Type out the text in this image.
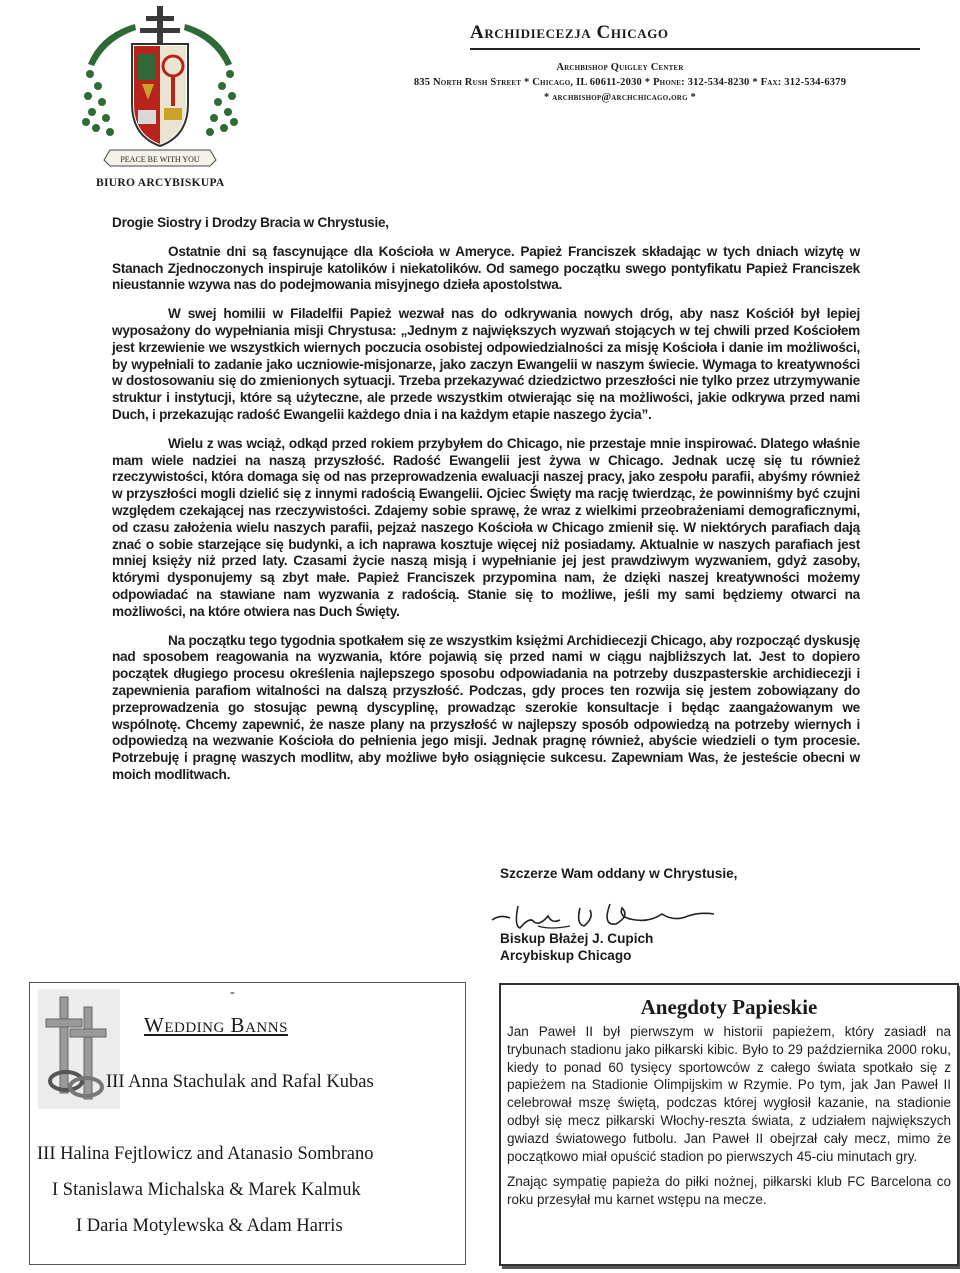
PEACE BE WITH YOU
BIURO ARCYBISKUPA
Archidiecezja Chicago
Archbishop Quigley Center
835 North Rush Street * Chicago, IL 60611-2030 * Phone: 312-534-8230 * Fax: 312-534-6379
* archbishop@archchicago.org *

Drogie Siostry i Drodzy Bracia w Chrystusie,

Ostatnie dni są fascynujące dla Kościoła w Ameryce. Papież Franciszek składając w tych dniach wizytę w Stanach Zjednoczonych inspiruje katolików i niekatolików. Od samego początku swego pontyfikatu Papież Franciszek nieustannie wzywa nas do podejmowania misyjnego dzieła apostolstwa.

W swej homilii w Filadelfii Papież wezwał nas do odkrywania nowych dróg, aby nasz Kościół był lepiej wyposażony do wypełniania misji Chrystusa: „Jednym z największych wyzwań stojących w tej chwili przed Kościołem jest krzewienie we wszystkich wiernych poczucia osobistej odpowiedzialności za misję Kościoła i danie im możliwości, by wypełniali to zadanie jako uczniowie-misjonarze, jako zaczyn Ewangelii w naszym świecie. Wymaga to kreatywności w dostosowaniu się do zmienionych sytuacji. Trzeba przekazywać dziedzictwo przeszłości nie tylko przez utrzymywanie struktur i instytucji, które są użyteczne, ale przede wszystkim otwierając się na możliwości, jakie odkrywa przed nami Duch, i przekazując radość Ewangelii każdego dnia i na każdym etapie naszego życia”.

Wielu z was wciąż, odkąd przed rokiem przybyłem do Chicago, nie przestaje mnie inspirować. Dlatego właśnie mam wiele nadziei na naszą przyszłość. Radość Ewangelii jest żywa w Chicago. Jednak uczę się tu również rzeczywistości, która domaga się od nas przeprowadzenia ewaluacji naszej pracy, jako zespołu parafii, abyśmy również w przyszłości mogli dzielić się z innymi radością Ewangelii. Ojciec Święty ma rację twierdząc, że powinniśmy być czujni względem czekającej nas rzeczywistości. Zdajemy sobie sprawę, że wraz z wielkimi przeobrażeniami demograficznymi, od czasu założenia wielu naszych parafii, pejzaż naszego Kościoła w Chicago zmienił się. W niektórych parafiach dają znać o sobie starzejące się budynki, a ich naprawa kosztuje więcej niż posiadamy. Aktualnie w naszych parafiach jest mniej księży niż przed laty. Czasami życie naszą misją i wypełnianie jej jest prawdziwym wyzwaniem, gdyż zasoby, którymi dysponujemy są zbyt małe. Papież Franciszek przypomina nam, że dzięki naszej kreatywności możemy odpowiadać na stawiane nam wyzwania z radością. Stanie się to możliwe, jeśli my sami będziemy otwarci na możliwości, na które otwiera nas Duch Święty.

Na początku tego tygodnia spotkałem się ze wszystkim księżmi Archidiecezji Chicago, aby rozpocząć dyskusję nad sposobem reagowania na wyzwania, które pojawią się przed nami w ciągu najbliższych lat. Jest to dopiero początek długiego procesu określenia najlepszego sposobu odpowiadania na potrzeby duszpasterskie archidiecezji i zapewnienia parafiom witalności na dalszą przyszłość. Podczas, gdy proces ten rozwija się jestem zobowiązany do przeprowadzenia go stosując pewną dyscyplinę, prowadząc szerokie konsultacje i będąc zaangażowanym we wspólnotę. Chcemy zapewnić, że nasze plany na przyszłość w najlepszy sposób odpowiedzą na potrzeby wiernych i odpowiedzą na wezwanie Kościoła do pełnienia jego misji. Jednak pragnę również, abyście wiedzieli o tym procesie. Potrzebuję i pragnę waszych modlitw, aby możliwe było osiągnięcie sukcesu. Zapewniam Was, że jesteście obecni w moich modlitwach.

Szczerze Wam oddany w Chrystusie,
Biskup Błażej J. Cupich
Arcybiskup Chicago
-
Wedding Banns
III Anna Stachulak and Rafal Kubas
III Halina Fejtlowicz and Atanasio Sombrano
I Stanislawa Michalska & Marek Kalmuk
I Daria Motylewska & Adam Harris
Anegdoty Papieskie

Jan Paweł II był pierwszym w historii papieżem, który zasiadł na trybunach stadionu jako piłkarski kibic. Było to 29 października 2000 roku, kiedy to ponad 60 tysięcy sportowców z całego świata spotkało się z papieżem na Stadionie Olimpijskim w Rzymie. Po tym, jak Jan Paweł II celebrował mszę świętą, podczas której wygłosił kazanie, na stadionie odbył się mecz piłkarski Włochy-reszta świata, z udziałem największych gwiazd światowego futbolu. Jan Paweł II obejrzał cały mecz, mimo że początkowo miał opuścić stadion po pierwszych 45-ciu minutach gry.

Znając sympatię papieża do piłki nożnej, piłkarski klub FC Barcelona co roku przesyłał mu karnet wstępu na mecze.
